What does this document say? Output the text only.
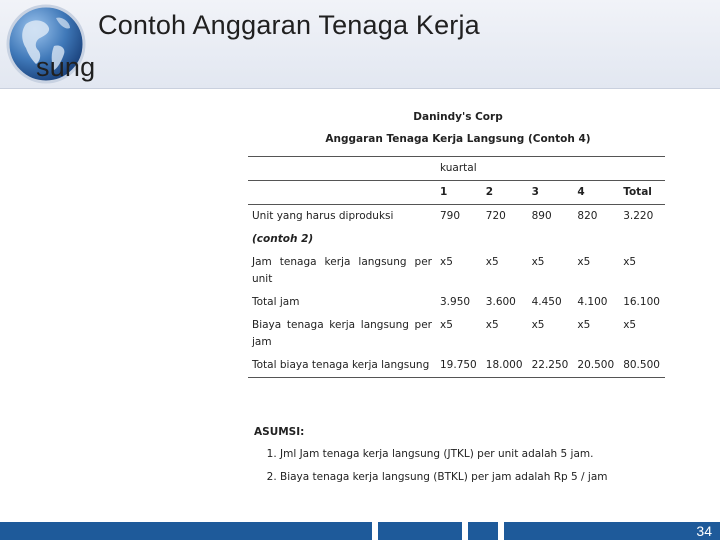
Contoh Anggaran Tenaga Kerja
sung
Danindy's Corp
Anggaran Tenaga Kerja Langsung (Contoh 4)
	kuartal				
	1	2	3	4	Total
Unit yang harus diproduksi	790	720	890	820	3.220
(contoh 2)					
Jam tenaga kerja langsung per unit	x5	x5	x5	x5	x5
Total jam	3.950	3.600	4.450	4.100	16.100
Biaya tenaga kerja langsung per jam	x5	x5	x5	x5	x5
Total biaya tenaga kerja langsung	19.750	18.000	22.250	20.500	80.500
ASUMSI:
1. Jml Jam tenaga kerja langsung (JTKL) per unit adalah 5 jam.
2. Biaya tenaga kerja langsung (BTKL) per jam adalah Rp 5 / jam
34
